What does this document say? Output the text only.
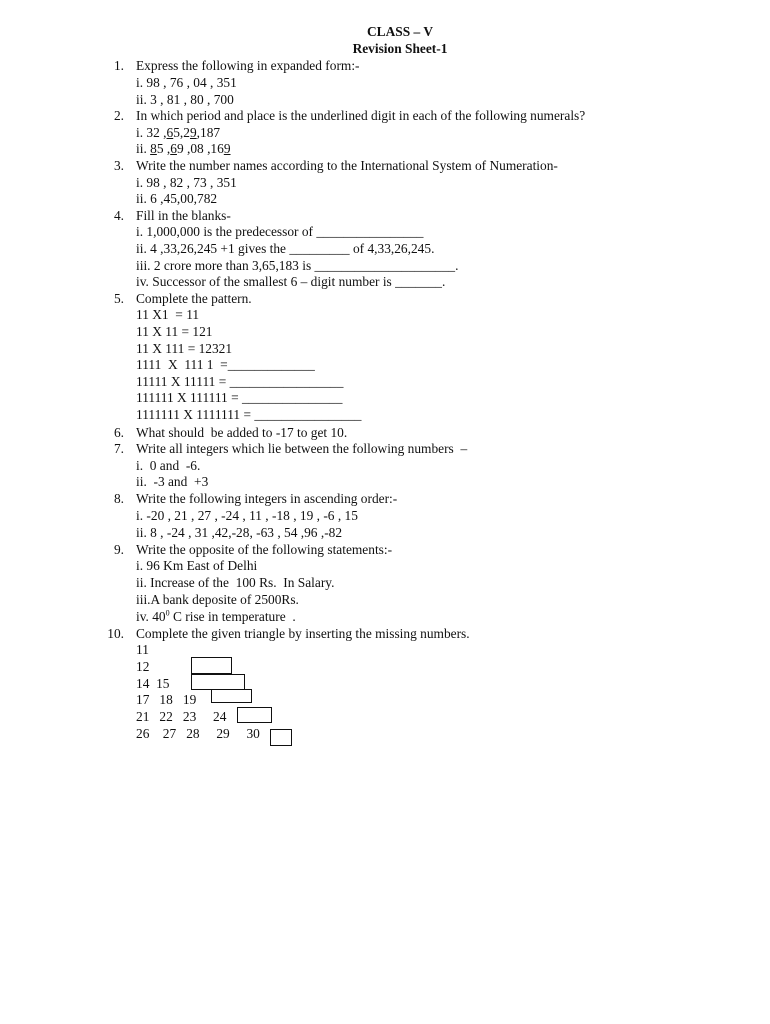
CLASS – V
Revision Sheet-1
1. Express the following in expanded form:-
i. 98 , 76 , 04 , 351
ii. 3 , 81 , 80 , 700
2. In which period and place is the underlined digit in each of the following numerals?
i. 32 ,65,29,187
ii. 85 ,69 ,08 ,169
3. Write the number names according to the International System of Numeration-
i. 98 , 82 , 73 , 351
ii. 6 ,45,00,782
4. Fill in the blanks-
i. 1,000,000 is the predecessor of ________________
ii. 4 ,33,26,245 +1 gives the _________ of 4,33,26,245.
iii. 2 crore more than 3,65,183 is _____________________.
iv. Successor of the smallest 6 – digit number is _______.
5. Complete the pattern.
11 X1  = 11
11 X 11 = 121
11 X 111 = 12321
1111  X  111 1  =_____________
11111 X 11111 = _________________
111111 X 111111 = _______________
1111111 X 1111111 = ________________
6. What should  be added to -17 to get 10.
7. Write all integers which lie between the following numbers  –
i.  0 and  -6.
ii.  -3 and  +3
8. Write the following integers in ascending order:-
i. -20 , 21 , 27 , -24 , 11 , -18 , 19 , -6 , 15
ii. 8 , -24 , 31 ,42,-28, -63 , 54 ,96 ,-82
9. Write the opposite of the following statements:-
i. 96 Km East of Delhi
ii. Increase of the  100 Rs.  In Salary.
iii.A bank deposite of 2500Rs.
iv. $40^0$ C rise in temperature  .
10. Complete the given triangle by inserting the missing numbers.
11
12
14  15
17   18   19
21   22   23     24
26    27   28     29     30
